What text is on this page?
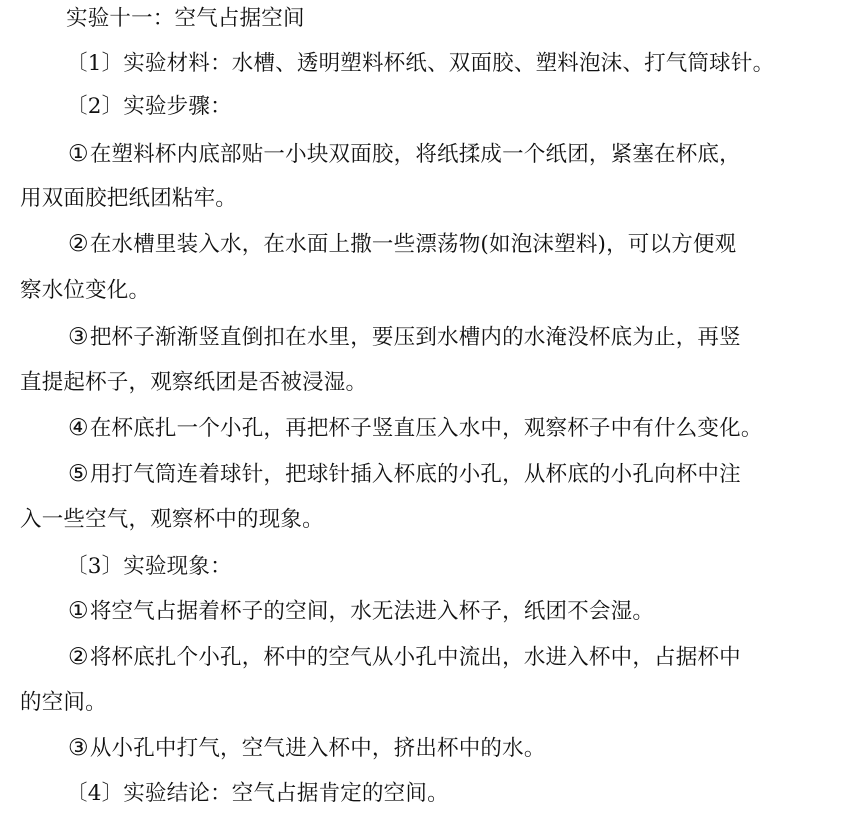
实验十一：空气占据空间
〔1〕实验材料：水槽、透明塑料杯纸、双面胶、塑料泡沫、打气筒球针。
〔2〕实验步骤：
①在塑料杯内底部贴一小块双面胶，将纸揉成一个纸团，紧塞在杯底，
用双面胶把纸团粘牢。
②在水槽里装入水，在水面上撒一些漂荡物(如泡沫塑料)，可以方便观
察水位变化。
③把杯子渐渐竖直倒扣在水里，要压到水槽内的水淹没杯底为止，再竖
直提起杯子，观察纸团是否被浸湿。
④在杯底扎一个小孔，再把杯子竖直压入水中，观察杯子中有什么变化。
⑤用打气筒连着球针，把球针插入杯底的小孔，从杯底的小孔向杯中注
入一些空气，观察杯中的现象。
〔3〕实验现象：
①将空气占据着杯子的空间，水无法进入杯子，纸团不会湿。
②将杯底扎个小孔，杯中的空气从小孔中流出，水进入杯中，占据杯中
的空间。
③从小孔中打气，空气进入杯中，挤出杯中的水。
〔4〕实验结论：空气占据肯定的空间。
